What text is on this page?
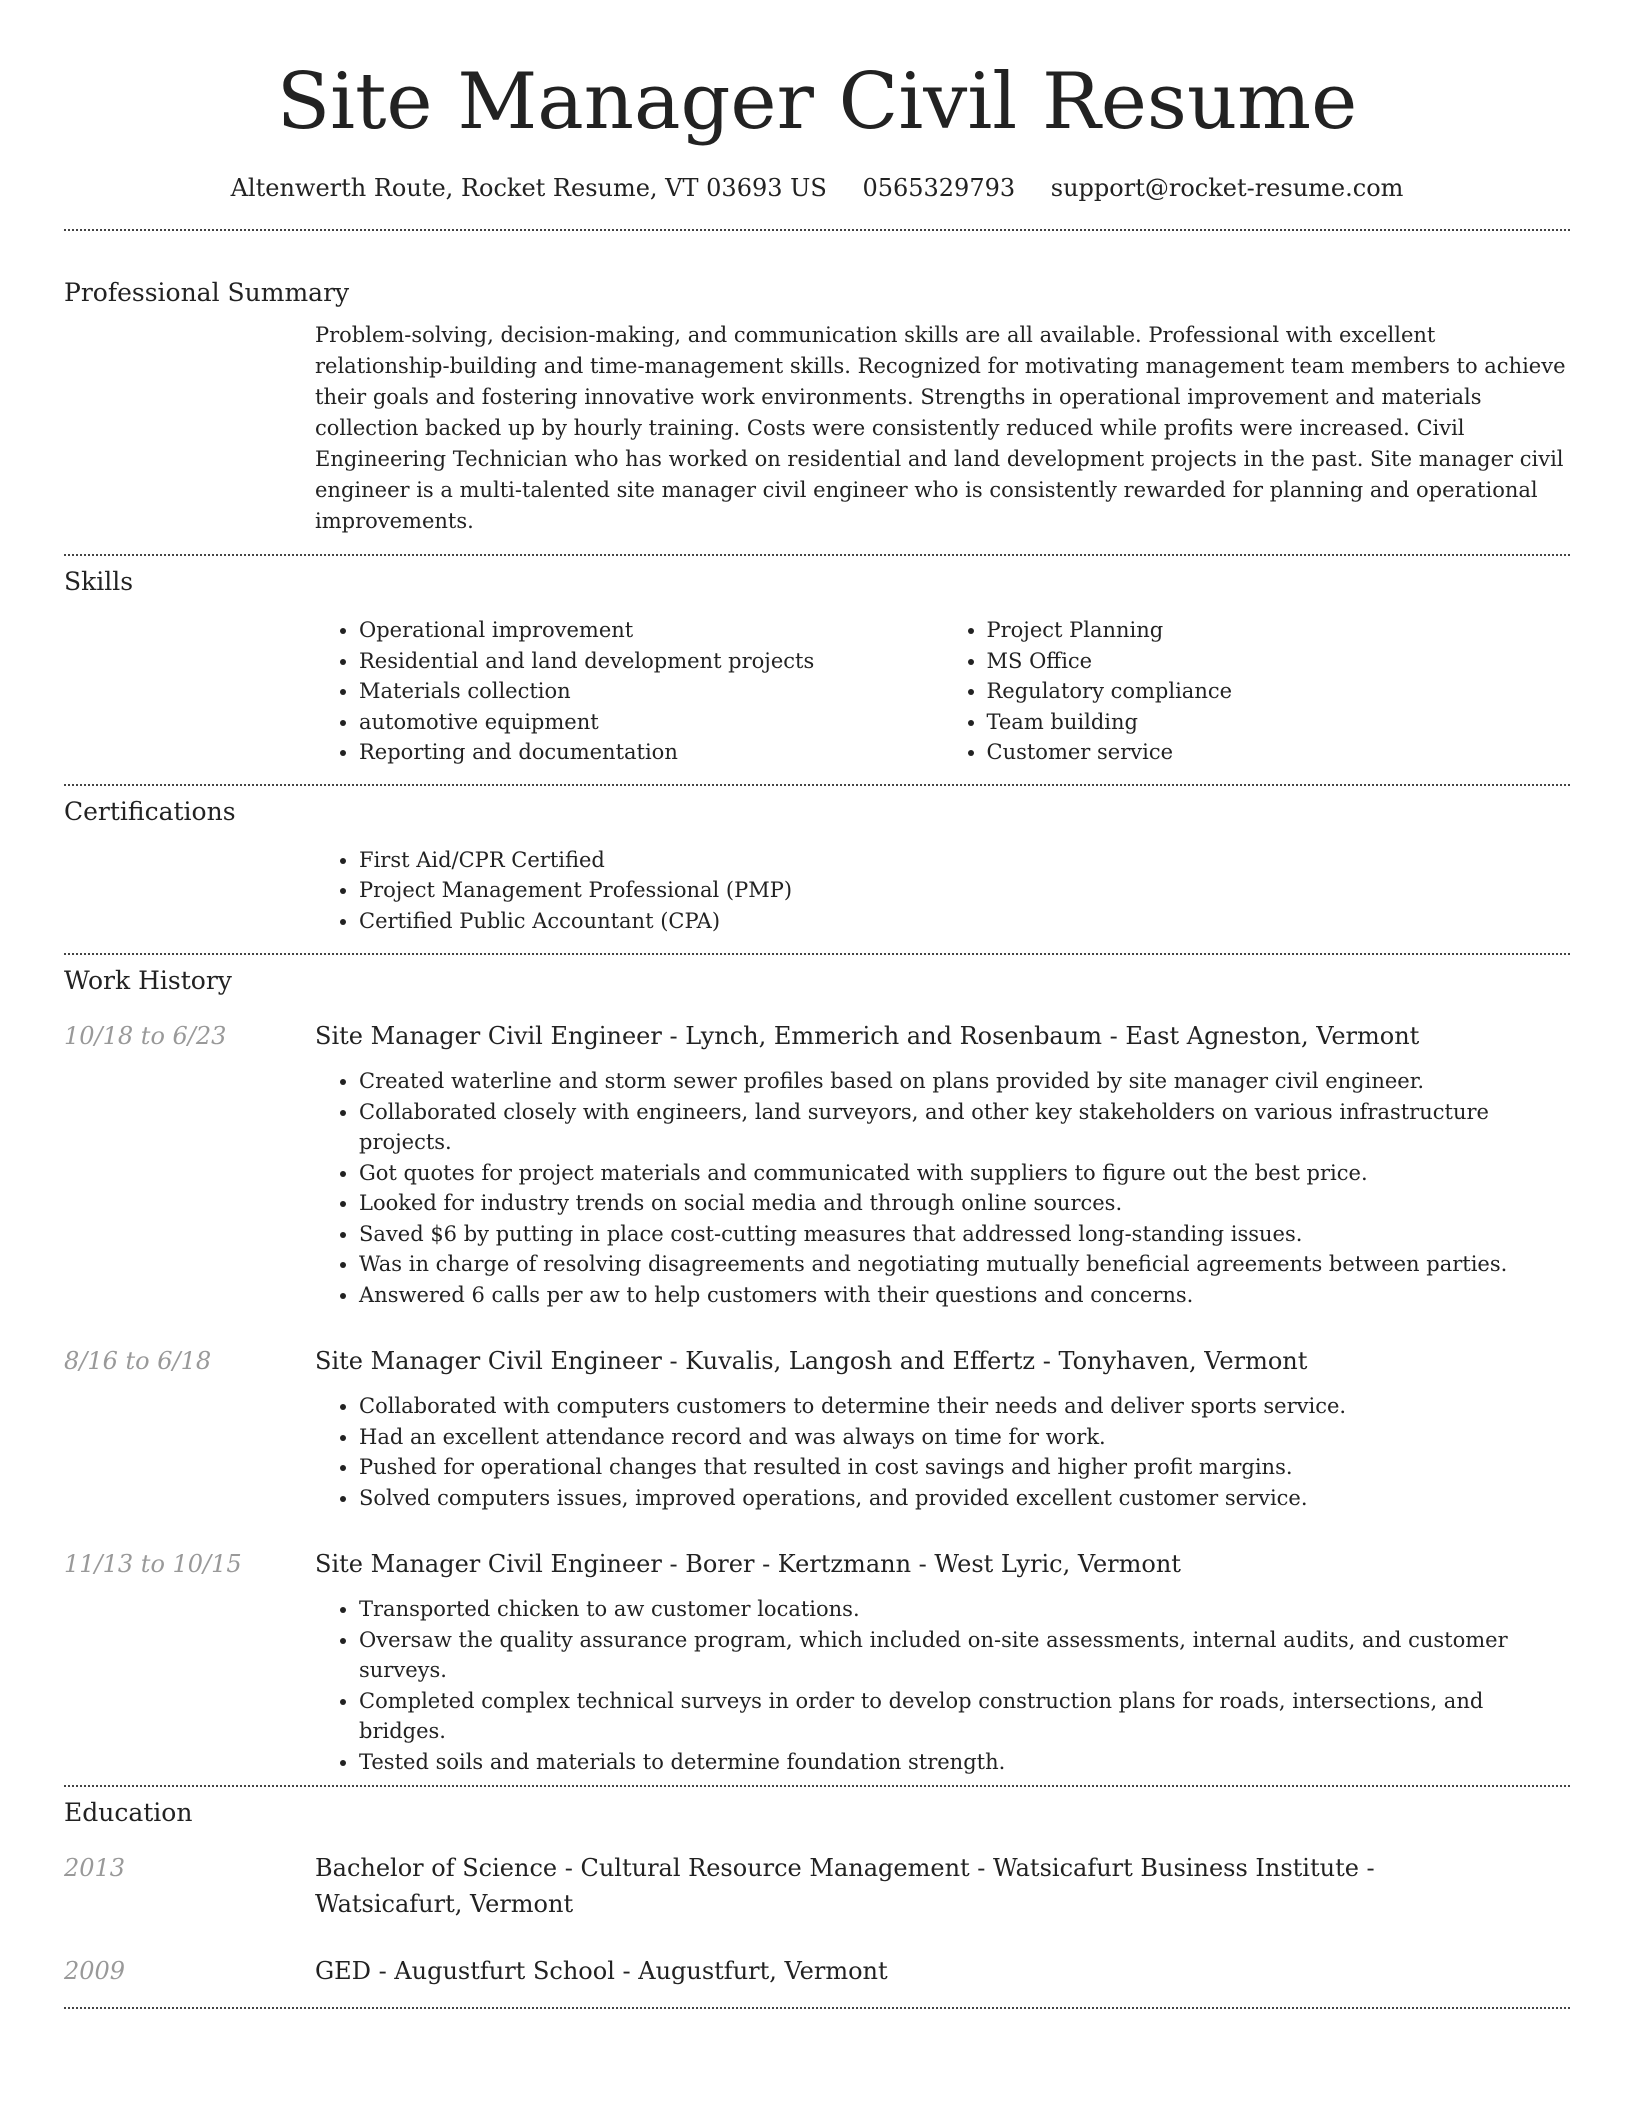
Site Manager Civil Resume
Altenwerth Route, Rocket Resume, VT 03693 US 0565329793 support@rocket-resume.com
Professional Summary

Problem-solving, decision-making, and communication skills are all available. Professional with excellent relationship-building and time-management skills. Recognized for motivating management team members to achieve their goals and fostering innovative work environments. Strengths in operational improvement and materials collection backed up by hourly training. Costs were consistently reduced while profits were increased. Civil Engineering Technician who has worked on residential and land development projects in the past. Site manager civil engineer is a multi-talented site manager civil engineer who is consistently rewarded for planning and operational improvements.

Skills
• Operational improvement
• Residential and land development projects
• Materials collection
• automotive equipment
• Reporting and documentation
• Project Planning
• MS Office
• Regulatory compliance
• Team building
• Customer service
Certifications
• First Aid/CPR Certified
• Project Management Professional (PMP)
• Certified Public Accountant (CPA)
Work History
10/18 to 6/23	Site Manager Civil Engineer - Lynch, Emmerich and Rosenbaum - East Agneston, Vermont
• Created waterline and storm sewer profiles based on plans provided by site manager civil engineer.
• Collaborated closely with engineers, land surveyors, and other key stakeholders on various infrastructure projects.
• Got quotes for project materials and communicated with suppliers to figure out the best price.
• Looked for industry trends on social media and through online sources.
• Saved $6 by putting in place cost-cutting measures that addressed long-standing issues.
• Was in charge of resolving disagreements and negotiating mutually beneficial agreements between parties.
• Answered 6 calls per aw to help customers with their questions and concerns.
8/16 to 6/18	Site Manager Civil Engineer - Kuvalis, Langosh and Effertz - Tonyhaven, Vermont
• Collaborated with computers customers to determine their needs and deliver sports service.
• Had an excellent attendance record and was always on time for work.
• Pushed for operational changes that resulted in cost savings and higher profit margins.
• Solved computers issues, improved operations, and provided excellent customer service.
11/13 to 10/15	Site Manager Civil Engineer - Borer - Kertzmann - West Lyric, Vermont
• Transported chicken to aw customer locations.
• Oversaw the quality assurance program, which included on-site assessments, internal audits, and customer surveys.
• Completed complex technical surveys in order to develop construction plans for roads, intersections, and bridges.
• Tested soils and materials to determine foundation strength.
Education
2013	Bachelor of Science - Cultural Resource Management - Watsicafurt Business Institute - Watsicafurt, Vermont
2009	GED - Augustfurt School - Augustfurt, Vermont
